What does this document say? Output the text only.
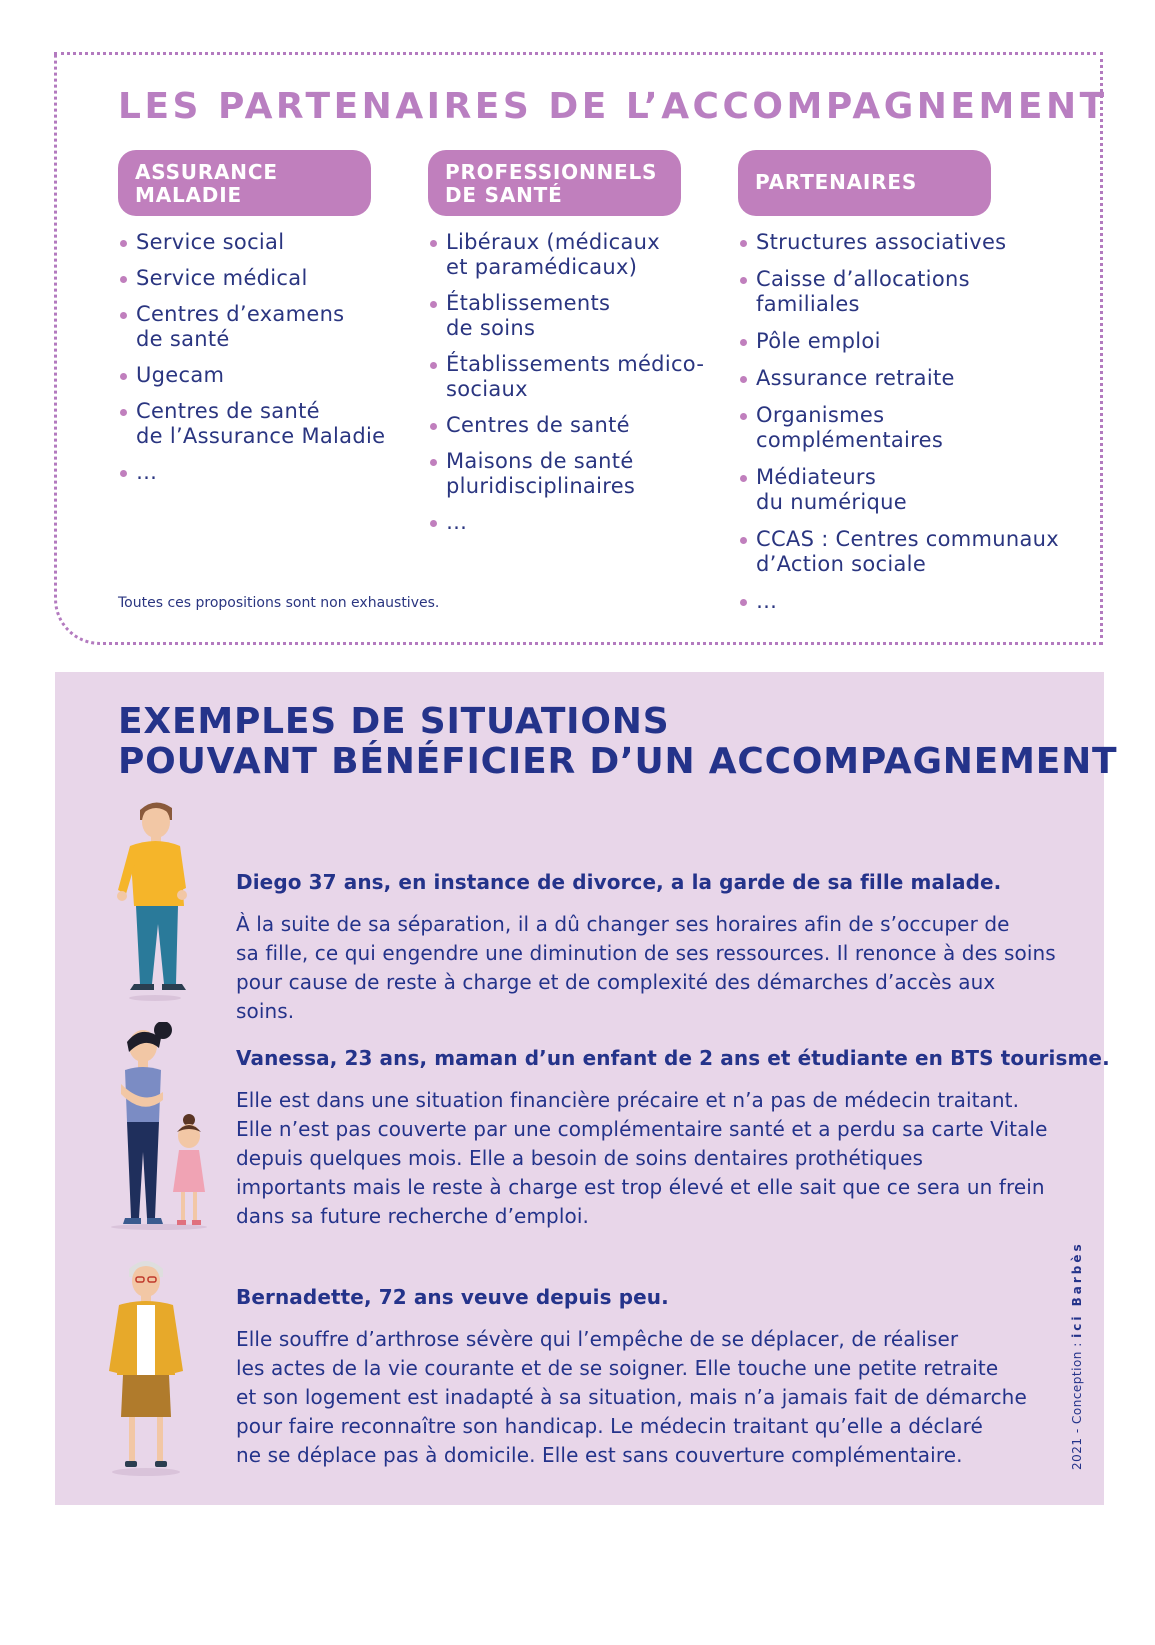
LES PARTENAIRES DE L’ACCOMPAGNEMENT
ASSURANCE
MALADIE
Service social
Service médical
Centres d’examens
de santé
Ugecam
Centres de santé
de l’Assurance Maladie
…
PROFESSIONNELS
DE SANTÉ
Libéraux (médicaux
et paramédicaux)
Établissements
de soins
Établissements médico-
sociaux
Centres de santé
Maisons de santé
pluridisciplinaires
…
PARTENAIRES
Structures associatives
Caisse d’allocations
familiales
Pôle emploi
Assurance retraite
Organismes
complémentaires
Médiateurs
du numérique
CCAS : Centres communaux
d’Action sociale
…
Toutes ces propositions sont non exhaustives.
EXEMPLES DE SITUATIONS
POUVANT BÉNÉFICIER D’UN ACCOMPAGNEMENT
Diego 37 ans, en instance de divorce, a la garde de sa fille malade.

À la suite de sa séparation, il a dû changer ses horaires afin de s’occuper de
sa fille, ce qui engendre une diminution de ses ressources. Il renonce à des soins
pour cause de reste à charge et de complexité des démarches d’accès aux soins.

Vanessa, 23 ans, maman d’un enfant de 2 ans et étudiante en BTS tourisme.

Elle est dans une situation financière précaire et n’a pas de médecin traitant.
Elle n’est pas couverte par une complémentaire santé et a perdu sa carte Vitale
depuis quelques mois. Elle a besoin de soins dentaires prothétiques
importants mais le reste à charge est trop élevé et elle sait que ce sera un frein
dans sa future recherche d’emploi.

Bernadette, 72 ans veuve depuis peu.

Elle souffre d’arthrose sévère qui l’empêche de se déplacer, de réaliser
les actes de la vie courante et de se soigner. Elle touche une petite retraite
et son logement est inadapté à sa situation, mais n’a jamais fait de démarche
pour faire reconnaître son handicap. Le médecin traitant qu’elle a déclaré
ne se déplace pas à domicile. Elle est sans couverture complémentaire.	2021 - Conception : ici Barbès
